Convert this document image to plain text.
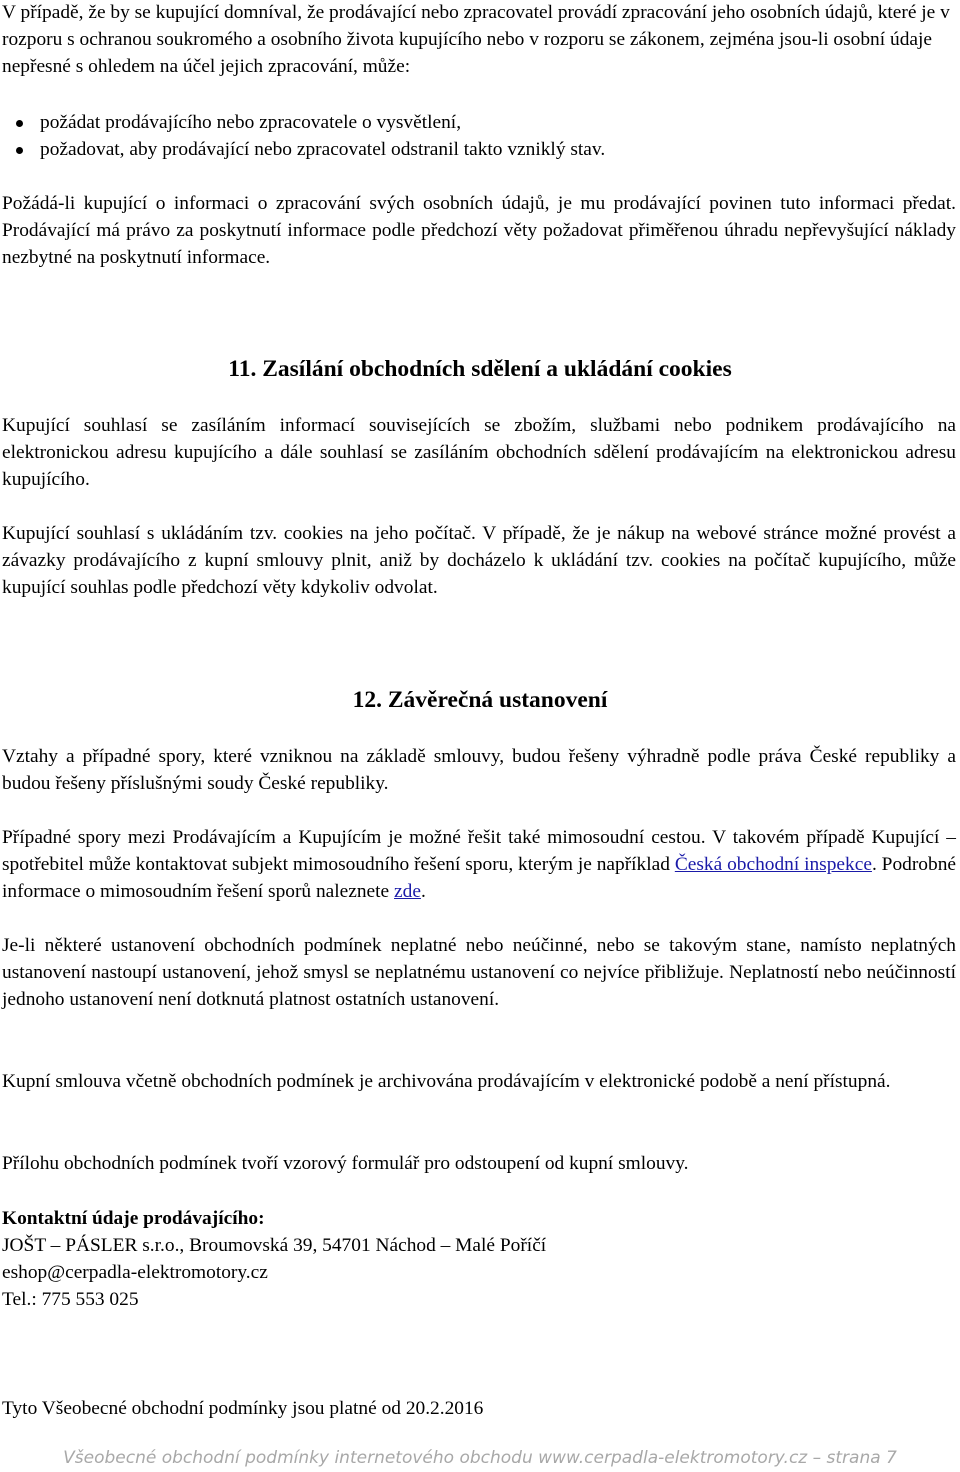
V případě, že by se kupující domníval, že prodávající nebo zpracovatel provádí zpracování jeho osobních údajů, které je v rozporu s ochranou soukromého a osobního života kupujícího nebo v rozporu se zákonem, zejména jsou-li osobní údaje nepřesné s ohledem na účel jejich zpracování, může:

požádat prodávajícího nebo zpracovatele o vysvětlení,
požadovat, aby prodávající nebo zpracovatel odstranil takto vzniklý stav.

Požádá-li kupující o informaci o zpracování svých osobních údajů, je mu prodávající povinen tuto informaci předat. Prodávající má právo za poskytnutí informace podle předchozí věty požadovat přiměřenou úhradu nepřevyšující náklady nezbytné na poskytnutí informace.

11. Zasílání obchodních sdělení a ukládání cookies

Kupující souhlasí se zasíláním informací souvisejících se zbožím, službami nebo podnikem prodávajícího na elektronickou adresu kupujícího a dále souhlasí se zasíláním obchodních sdělení prodávajícím na elektronickou adresu kupujícího.

Kupující souhlasí s ukládáním tzv. cookies na jeho počítač. V případě, že je nákup na webové stránce možné provést a závazky prodávajícího z kupní smlouvy plnit, aniž by docházelo k ukládání tzv. cookies na počítač kupujícího, může kupující souhlas podle předchozí věty kdykoliv odvolat.

12. Závěrečná ustanovení

Vztahy a případné spory, které vzniknou na základě smlouvy, budou řešeny výhradně podle práva České republiky a budou řešeny příslušnými soudy České republiky.

Případné spory mezi Prodávajícím a Kupujícím je možné řešit také mimosoudní cestou. V takovém případě Kupující – spotřebitel může kontaktovat subjekt mimosoudního řešení sporu, kterým je například Česká obchodní inspekce. Podrobné informace o mimosoudním řešení sporů naleznete zde.

Je-li některé ustanovení obchodních podmínek neplatné nebo neúčinné, nebo se takovým stane, namísto neplatných ustanovení nastoupí ustanovení, jehož smysl se neplatnému ustanovení co nejvíce přibližuje. Neplatností nebo neúčinností jednoho ustanovení není dotknutá platnost ostatních ustanovení.

Kupní smlouva včetně obchodních podmínek je archivována prodávajícím v elektronické podobě a není přístupná.

Přílohu obchodních podmínek tvoří vzorový formulář pro odstoupení od kupní smlouvy.

Kontaktní údaje prodávajícího:
JOŠT – PÁSLER s.r.o., Broumovská 39, 54701 Náchod – Malé Poříčí
eshop@cerpadla-elektromotory.cz
Tel.: 775 553 025

Tyto Všeobecné obchodní podmínky jsou platné od 20.2.2016

Všeobecné obchodní podmínky internetového obchodu www.cerpadla-elektromotory.cz – strana 7
